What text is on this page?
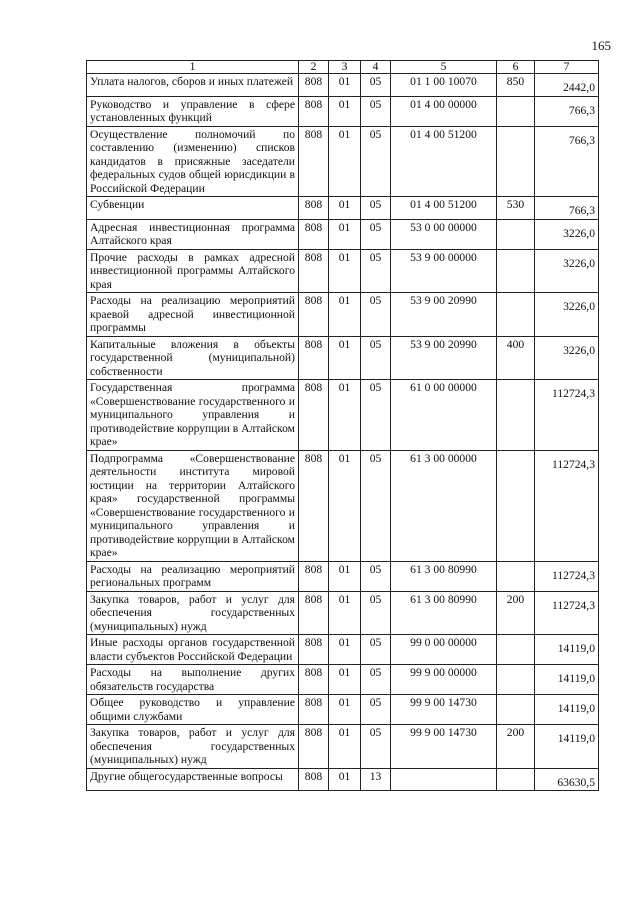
165
1	2	3	4	5	6	7
Уплата налогов, сборов и иных платежей	808	01	05	01 1 00 10070	850	2442,0

Руководство и управление в сфере установленных функций	808	01	05	01 4 00 00000		766,3

Осуществление полномочий по составлению (изменению) списков кандидатов в присяжные заседатели федеральных судов общей юрисдикции в Российской Федерации	808	01	05	01 4 00 51200		766,3

Субвенции	808	01	05	01 4 00 51200	530	766,3

Адресная инвестиционная программа Алтайского края	808	01	05	53 0 00 00000		3226,0

Прочие расходы в рамках адресной инвестиционной программы Алтайского края	808	01	05	53 9 00 00000		3226,0

Расходы на реализацию мероприятий краевой адресной инвестиционной программы	808	01	05	53 9 00 20990		3226,0

Капитальные вложения в объекты государственной (муниципальной) собственности	808	01	05	53 9 00 20990	400	3226,0

Государственная программа «Совершенствование государственного и муниципального управления и противодействие коррупции в Алтайском крае»	808	01	05	61 0 00 00000		112724,3

Подпрограмма «Совершенствование деятельности института мировой юстиции на территории Алтайского края» государственной программы «Совершенствование государственного и муниципального управления и противодействие коррупции в Алтайском крае»	808	01	05	61 3 00 00000		112724,3

Расходы на реализацию мероприятий региональных программ	808	01	05	61 3 00 80990		112724,3

Закупка товаров, работ и услуг для обеспечения государственных (муниципальных) нужд	808	01	05	61 3 00 80990	200	112724,3

Иные расходы органов государственной власти субъектов Российской Федерации	808	01	05	99 0 00 00000		14119,0

Расходы на выполнение других обязательств государства	808	01	05	99 9 00 00000		14119,0

Общее руководство и управление общими службами	808	01	05	99 9 00 14730		14119,0

Закупка товаров, работ и услуг для обеспечения государственных (муниципальных) нужд	808	01	05	99 9 00 14730	200	14119,0

Другие общегосударственные вопросы	808	01	13			63630,5
